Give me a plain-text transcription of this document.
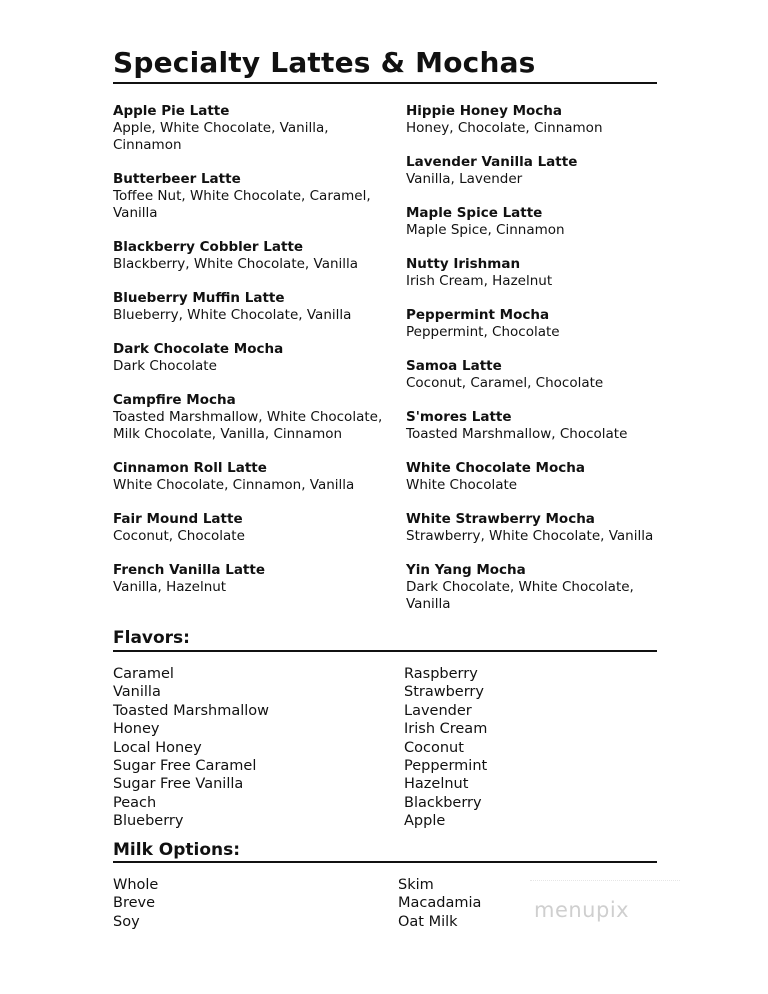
Specialty Lattes & Mochas
Apple Pie Latte
Apple, White Chocolate, Vanilla, Cinnamon
Butterbeer Latte
Toffee Nut, White Chocolate, Caramel, Vanilla
Blackberry Cobbler Latte
Blackberry, White Chocolate, Vanilla
Blueberry Muffin Latte
Blueberry, White Chocolate, Vanilla
Dark Chocolate Mocha
Dark Chocolate
Campfire Mocha
Toasted Marshmallow, White Chocolate, Milk Chocolate, Vanilla, Cinnamon
Cinnamon Roll Latte
White Chocolate, Cinnamon, Vanilla
Fair Mound Latte
Coconut, Chocolate
French Vanilla Latte
Vanilla, Hazelnut
Hippie Honey Mocha
Honey, Chocolate, Cinnamon
Lavender Vanilla Latte
Vanilla, Lavender
Maple Spice Latte
Maple Spice, Cinnamon
Nutty Irishman
Irish Cream, Hazelnut
Peppermint Mocha
Peppermint, Chocolate
Samoa Latte
Coconut, Caramel, Chocolate
S'mores Latte
Toasted Marshmallow, Chocolate
White Chocolate Mocha
White Chocolate
White Strawberry Mocha
Strawberry, White Chocolate, Vanilla
Yin Yang Mocha
Dark Chocolate, White Chocolate, Vanilla
Flavors:
Caramel
Vanilla
Toasted Marshmallow
Honey
Local Honey
Sugar Free Caramel
Sugar Free Vanilla
Peach
Blueberry
Raspberry
Strawberry
Lavender
Irish Cream
Coconut
Peppermint
Hazelnut
Blackberry
Apple
Milk Options:
Whole
Breve
Soy
Skim
Macadamia
Oat Milk	menupix
